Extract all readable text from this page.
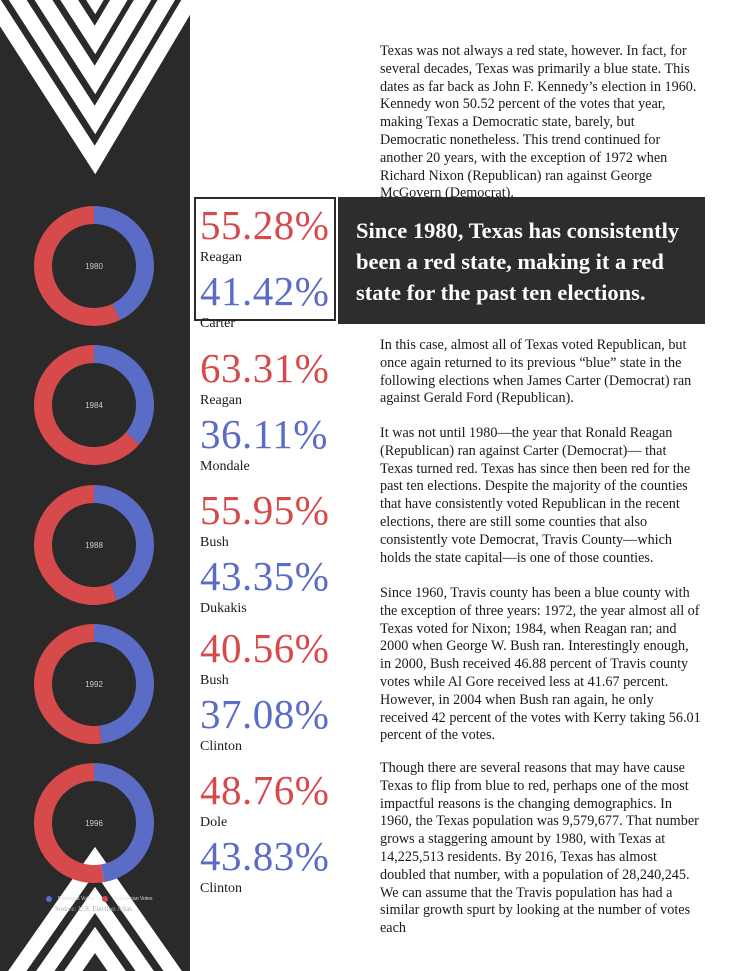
1980
1984
1988
1992
1996
Democrat Votes	Republican Votes
Source: U.S. Election Atlas
55.28%
Reagan
41.42%
Carter
63.31%
Reagan
36.11%
Mondale
55.95%
Bush
43.35%
Dukakis
40.56%
Bush
37.08%
Clinton
48.76%
Dole
43.83%
Clinton
Since 1980, Texas has consistently been a red state, making it a red state for the past ten elections.

Texas was not always a red state, however. In fact, for several decades, Texas was primarily a blue state. This dates as far back as John F. Kennedy’s election in 1960. Kennedy won 50.52 percent of the votes that year, making Texas a Democratic state, barely, but Democratic nonetheless. This trend continued for another 20 years, with the exception of 1972 when Richard Nixon (Republican) ran against George McGovern (Democrat).

In this case, almost all of Texas voted Republican, but once again returned to its previous “blue” state in the following elections when James Carter (Democrat) ran against Gerald Ford (Republican).

It was not until 1980—the year that Ronald Reagan (Republican) ran against Carter (Democrat)— that Texas turned red. Texas has since then been red for the past ten elections. Despite the majority of the counties that have consistently voted Republican in the recent elections, there are still some counties that also consistently vote Democrat, Travis County—which holds the state capital—is one of those counties.

Since 1960, Travis county has been a blue county with the exception of three years: 1972, the year almost all of Texas voted for Nixon; 1984, when Reagan ran; and 2000 when George W. Bush ran. Interestingly enough, in 2000, Bush received 46.88 percent of Travis county votes while Al Gore received less at 41.67 percent. However, in 2004 when Bush ran again, he only received 42 percent of the votes with Kerry taking 56.01 percent of the votes.

Though there are several reasons that may have cause Texas to flip from blue to red, perhaps one of the most impactful reasons is the changing demographics. In 1960, the Texas population was 9,579,677. That number grows a staggering amount by 1980, with Texas at 14,225,513 residents. By 2016, Texas has almost doubled that number, with a population of 28,240,245. We can assume that the Travis population has had a similar growth spurt by looking at the number of votes each
